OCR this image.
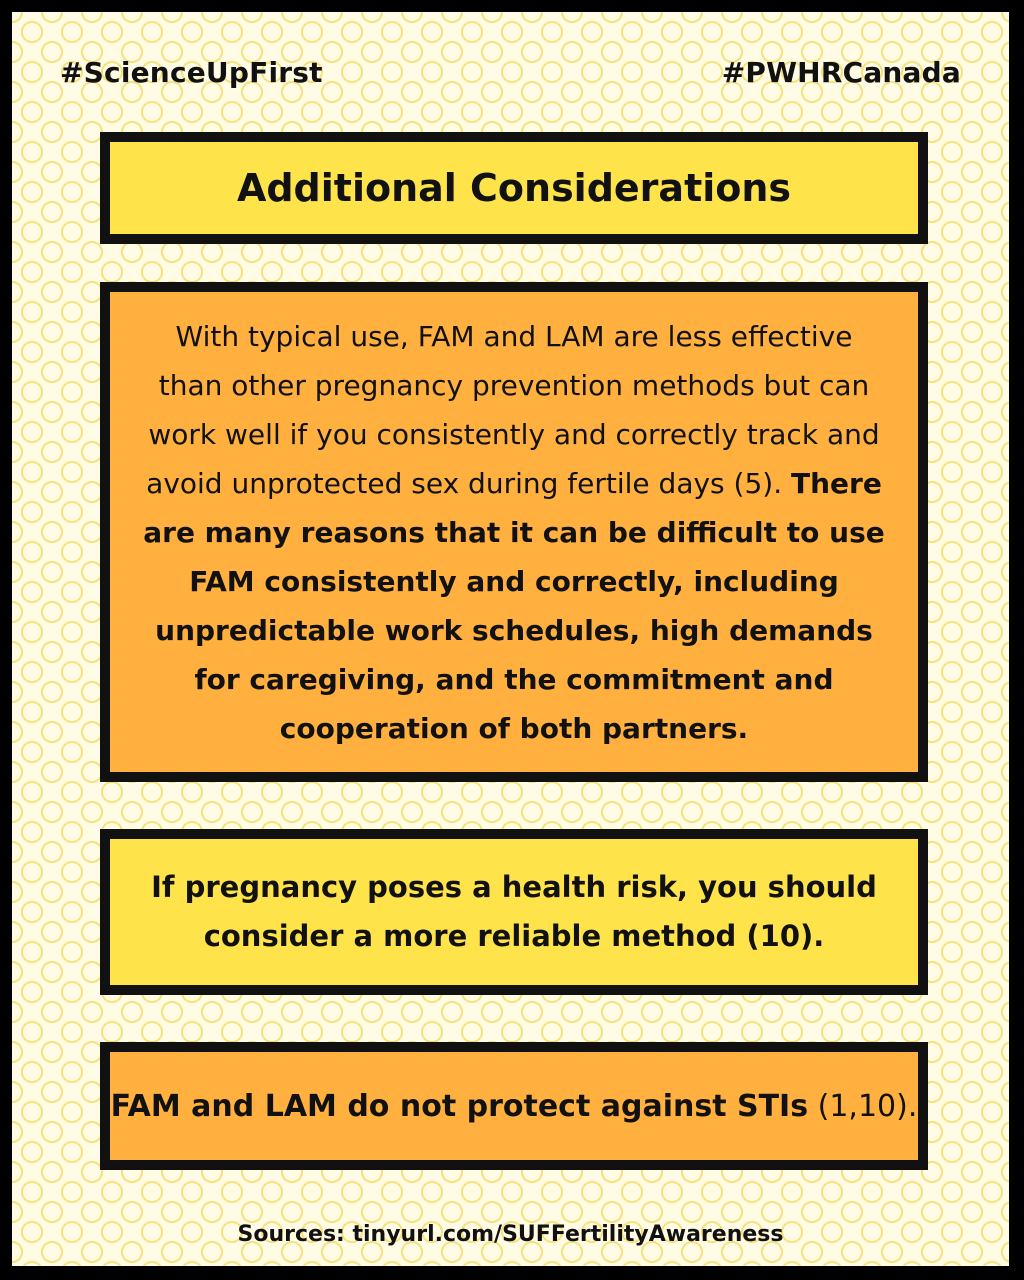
#ScienceUpFirst	#PWHRCanada
Additional Considerations

With typical use, FAM and LAM are less effective than other pregnancy prevention methods but can work well if you consistently and correctly track and avoid unprotected sex during fertile days (5). There are many reasons that it can be difficult to use FAM consistently and correctly, including unpredictable work schedules, high demands for caregiving, and the commitment and cooperation of both partners.

If pregnancy poses a health risk, you should consider a more reliable method (10).

FAM and LAM do not protect against STIs (1,10).

Sources: tinyurl.com/SUFFertilityAwareness
